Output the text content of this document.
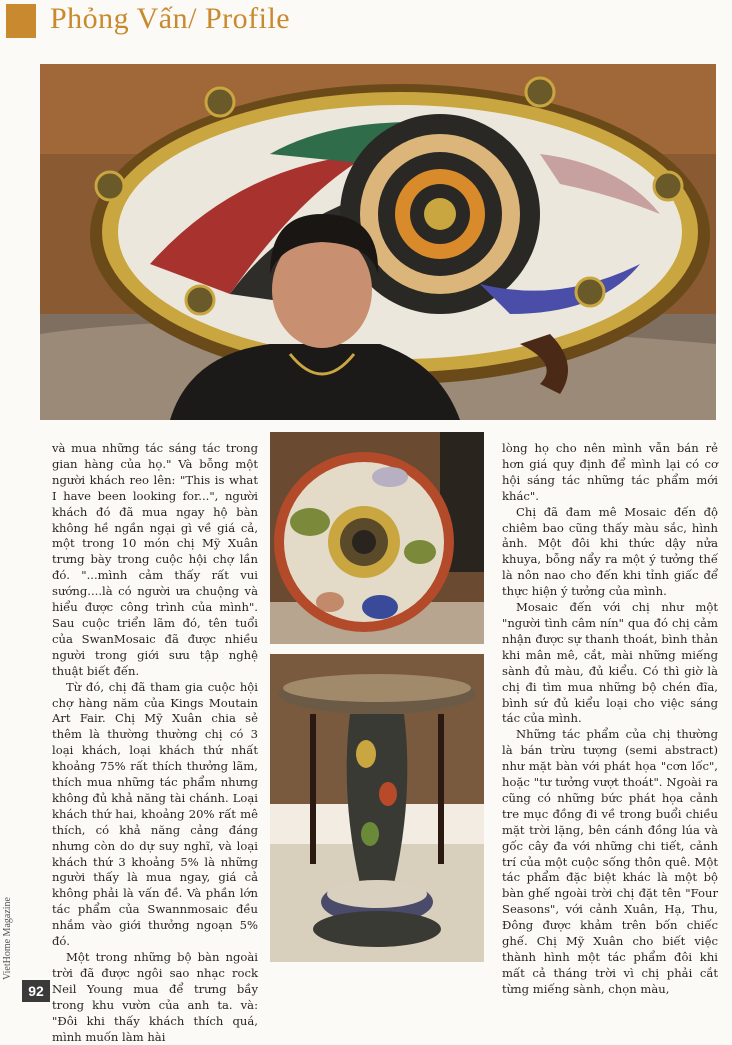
Phỏng Vấn/ Profile

và mua những tác sáng tác trong gian hàng của họ." Và bỗng một người khách reo lên: "This is what I have been looking for...", người khách đó đã mua ngay hộ bàn không hề ngần ngại gì về giá cả, một trong 10 món chị Mỹ Xuân trưng bày trong cuộc hội chợ lần đó. "...mình cảm thấy rất vui sướng....là có người ưa chuộng và hiểu được công trình của mình". Sau cuộc triển lãm đó, tên tuổi của SwanMosaic đã được nhiều người trong giới sưu tập nghệ thuật biết đến.

Từ đó, chị đã tham gia cuộc hội chợ hàng năm của Kings Moutain Art Fair. Chị Mỹ Xuân chia sẻ thêm là thường thường chị có 3 loại khách, loại khách thứ nhất khoảng 75% rất thích thưởng lãm, thích mua những tác phẩm nhưng không đủ khả năng tài chánh. Loại khách thứ hai, khoảng 20% rất mê thích, có khả năng cảng đáng nhưng còn do dự suy nghĩ, và loại khách thứ 3 khoảng 5% là những người thấy là mua ngay, giá cả không phải là vấn đề. Và phần lớn tác phẩm của Swannmosaic đều nhắm vào giới thưởng ngoạn 5% đó.

Một trong những bộ bàn ngoài trời đã được ngôi sao nhạc rock Neil Young mua để trưng bầy trong khu vườn của anh ta. và: "Đôi khi thấy khách thích quá, mình muốn làm hài

lòng họ cho nên mình vẫn bán rẻ hơn giá quy định để mình lại có cơ hội sáng tác những tác phẩm mới khác".

Chị đã đam mê Mosaic đến độ chiêm bao cũng thấy màu sắc, hình ảnh. Một đôi khi thức dậy nửa khuya, bỗng nẩy ra một ý tưởng thế là nôn nao cho đến khi tỉnh giấc để thực hiện ý tưởng của mình.

Mosaic đến với chị như một "người tình câm nín" qua đó chị cảm nhận được sự thanh thoát, bình thản khi mân mê, cắt, mài những miếng sành đủ màu, đủ kiểu. Có thì giờ là chị đi tìm mua những bộ chén đĩa, bình sứ đủ kiểu loại cho việc sáng tác của mình.

Những tác phẩm của chị thường là bán trừu tượng (semi abstract) như mặt bàn với phát họa "cơn lốc", hoặc "tư tưởng vượt thoát". Ngoài ra cũng có những bức phát họa cảnh tre mục đồng đi về trong buổi chiều mặt trời lặng, bên cánh đồng lúa và gốc cây đa với những chi tiết, cảnh trí của một cuộc sống thôn quê. Một tác phẩm đặc biệt khác là một bộ bàn ghế ngoài trời chị đặt tên "Four Seasons", với cảnh Xuân, Hạ, Thu, Đông được khảm trên bốn chiếc ghế. Chị Mỹ Xuân cho biết việc thành hình một tác phẩm đôi khi mất cả tháng trời vì chị phải cắt từng miếng sành, chọn màu,

VietHome Magazine
92
